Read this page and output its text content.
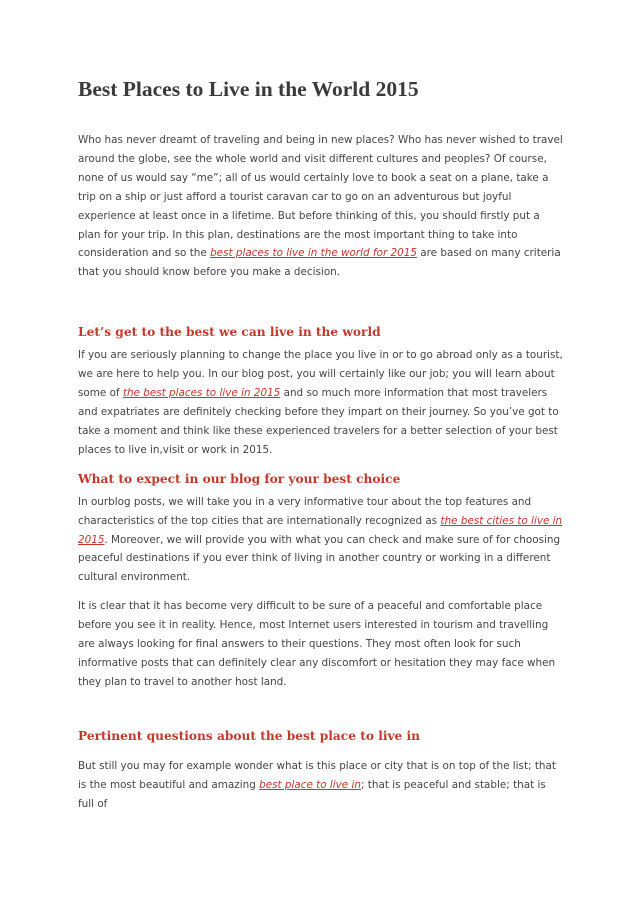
Best Places to Live in the World 2015

Who has never dreamt of traveling and being in new places? Who has never wished to travel around the globe, see the whole world and visit different cultures and peoples? Of course, none of us would say “me”; all of us would certainly love to book a seat on a plane, take a trip on a ship or just afford a tourist caravan car to go on an adventurous but joyful experience at least once in a lifetime. But before thinking of this, you should firstly put a plan for your trip. In this plan, destinations are the most important thing to take into consideration and so the best places to live in the world for 2015 are based on many criteria that you should know before you make a decision.

Let’s get to the best we can live in the world

If you are seriously planning to change the place you live in or to go abroad only as a tourist, we are here to help you. In our blog post, you will certainly like our job; you will learn about some of the best places to live in 2015 and so much more information that most travelers and expatriates are definitely checking before they impart on their journey. So you’ve got to take a moment and think like these experienced travelers for a better selection of your best places to live in,visit or work in 2015.

What to expect in our blog for your best choice

In ourblog posts, we will take you in a very informative tour about the top features and characteristics of the top cities that are internationally recognized as the best cities to live in 2015. Moreover, we will provide you with what you can check and make sure of for choosing peaceful destinations if you ever think of living in another country or working in a different cultural environment.

It is clear that it has become very difficult to be sure of a peaceful and comfortable place before you see it in reality. Hence, most Internet users interested in tourism and travelling are always looking for final answers to their questions. They most often look for such informative posts that can definitely clear any discomfort or hesitation they may face when they plan to travel to another host land.

Pertinent questions about the best place to live in

But still you may for example wonder what is this place or city that is on top of the list; that is the most beautiful and amazing best place to live in; that is peaceful and stable; that is full of
